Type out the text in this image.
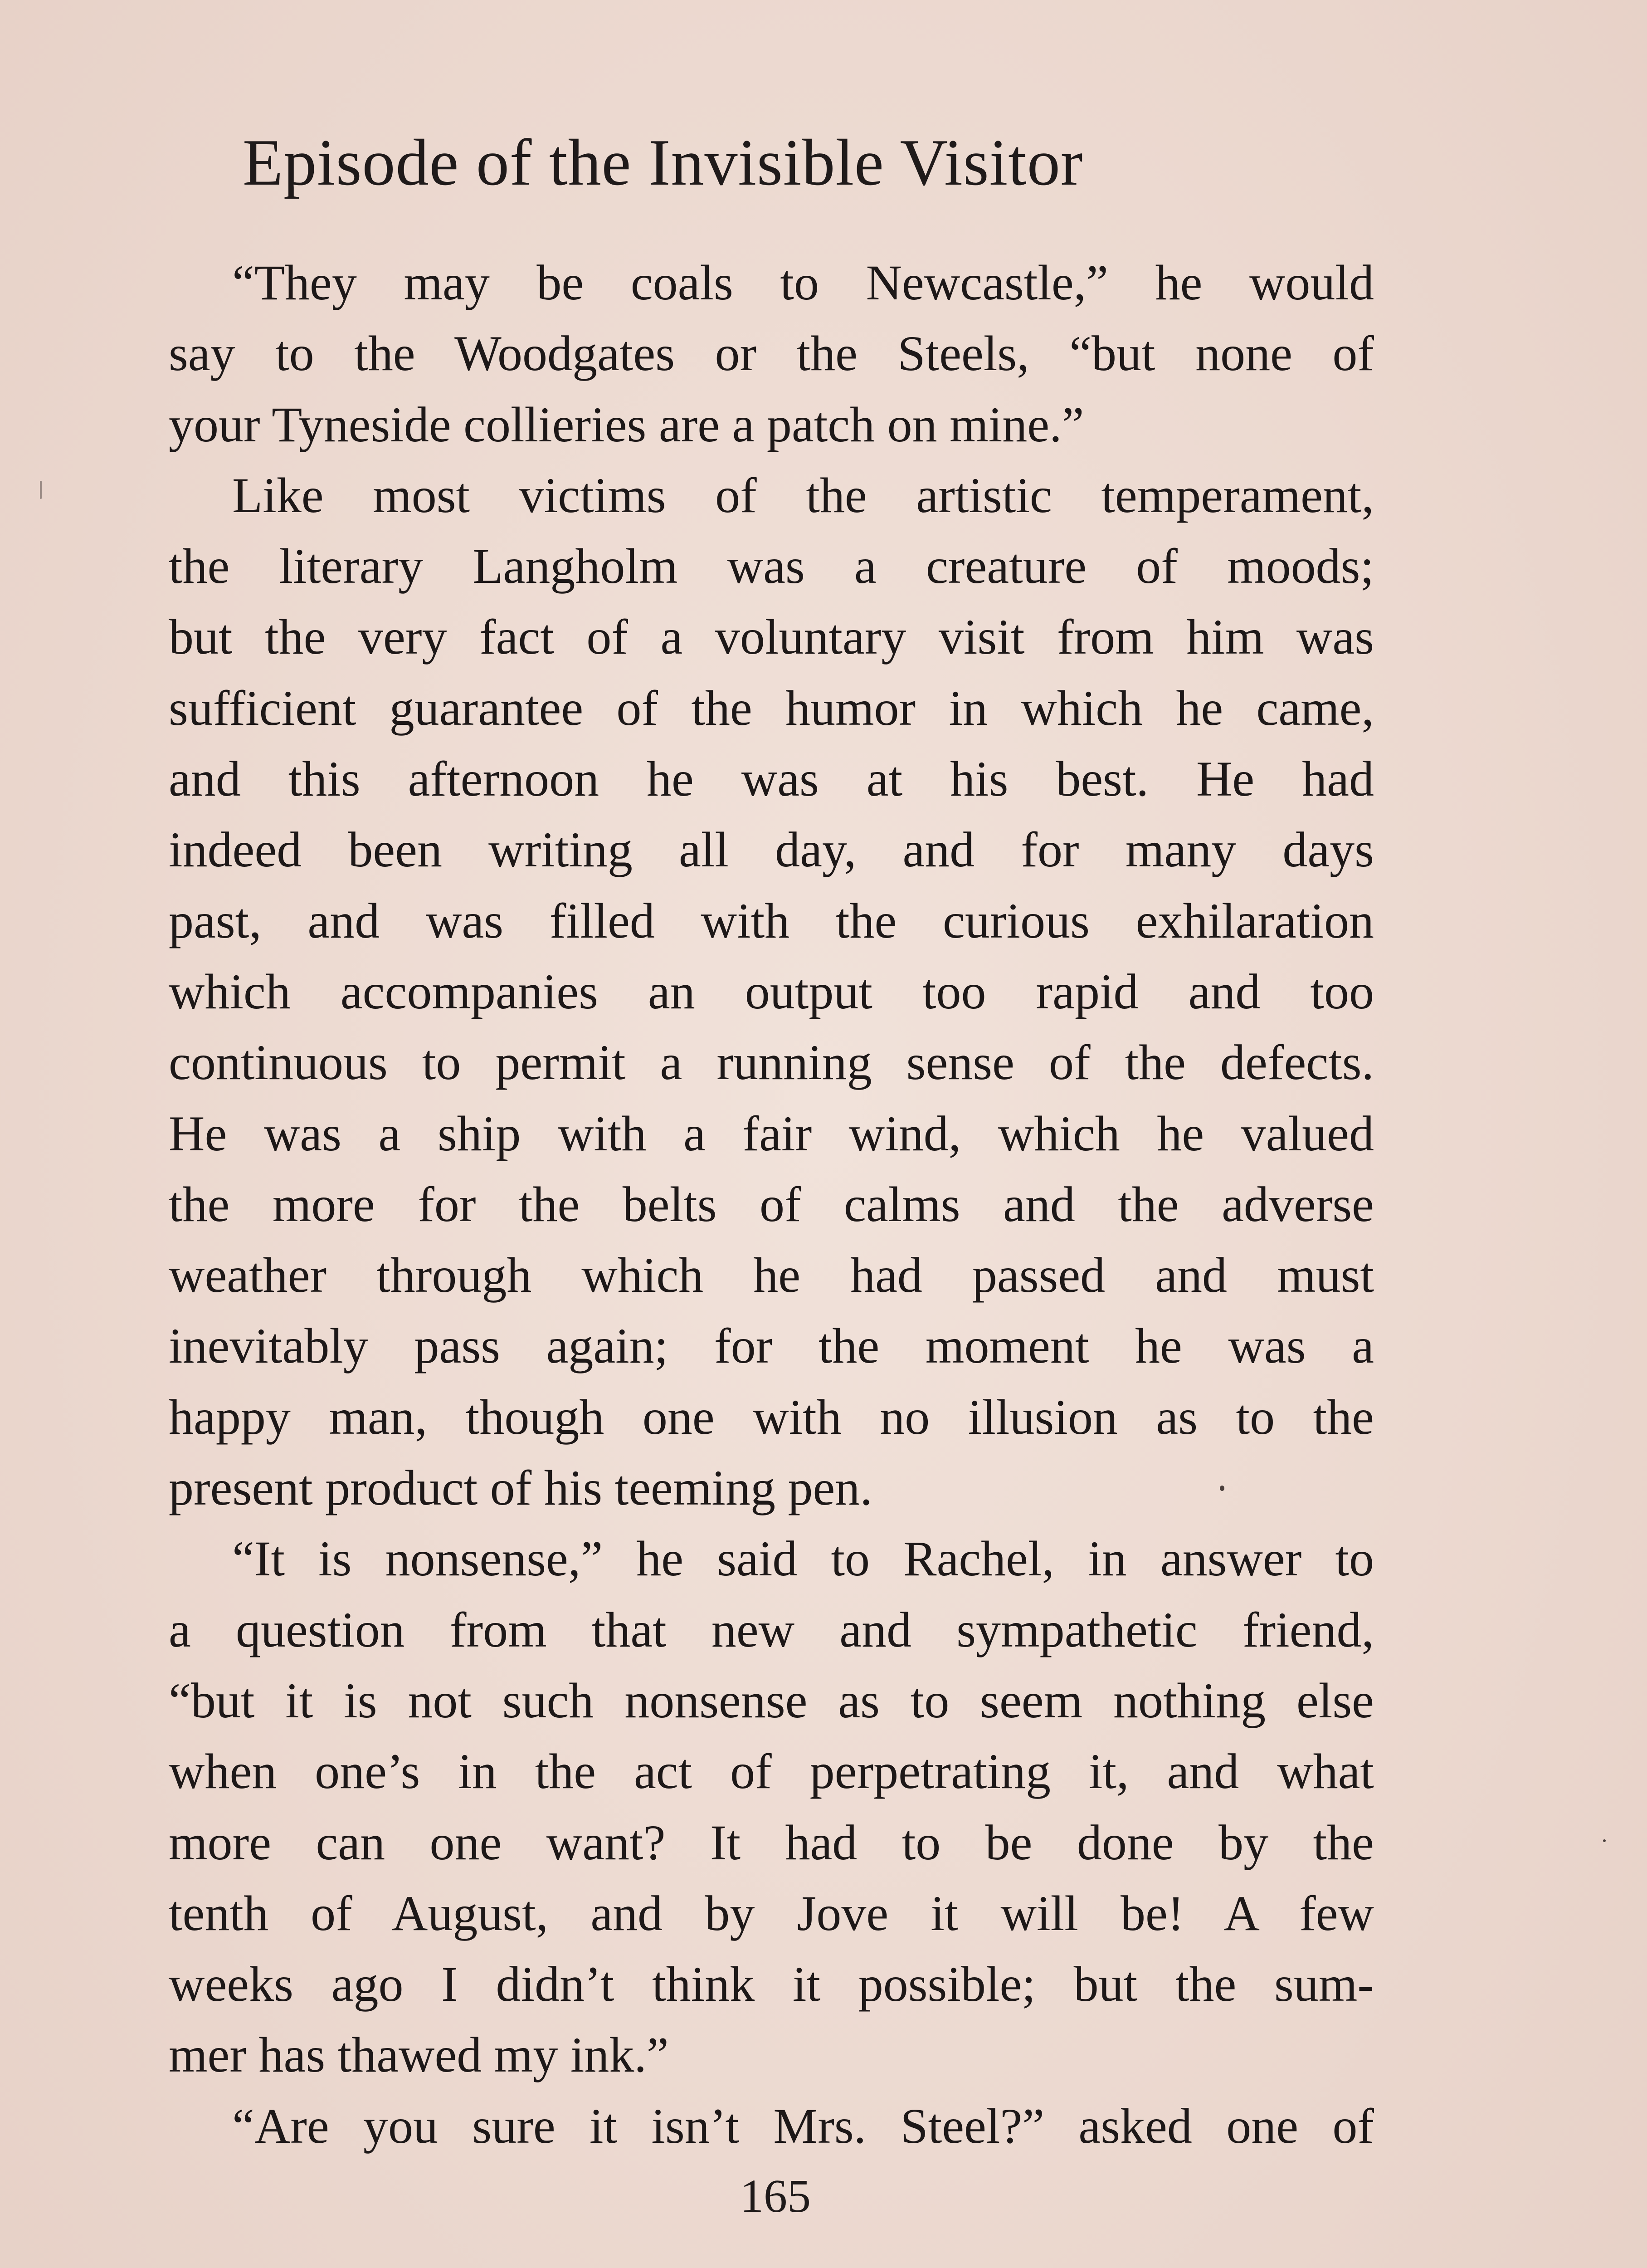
Episode of the Invisible Visitor
“They may be coals to Newcastle,” he would
say to the Woodgates or the Steels, “but none of
your Tyneside collieries are a patch on mine.”
Like most victims of the artistic temperament,
the literary Langholm was a creature of moods;
but the very fact of a voluntary visit from him was
sufficient guarantee of the humor in which he came,
and this afternoon he was at his best. He had
indeed been writing all day, and for many days
past, and was filled with the curious exhilaration
which accompanies an output too rapid and too
continuous to permit a running sense of the defects.
He was a ship with a fair wind, which he valued
the more for the belts of calms and the adverse
weather through which he had passed and must
inevitably pass again; for the moment he was a
happy man, though one with no illusion as to the
present product of his teeming pen.
“It is nonsense,” he said to Rachel, in answer to
a question from that new and sympathetic friend,
“but it is not such nonsense as to seem nothing else
when one’s in the act of perpetrating it, and what
more can one want? It had to be done by the
tenth of August, and by Jove it will be! A few
weeks ago I didn’t think it possible; but the sum-
mer has thawed my ink.”
“Are you sure it isn’t Mrs. Steel?” asked one of
165
